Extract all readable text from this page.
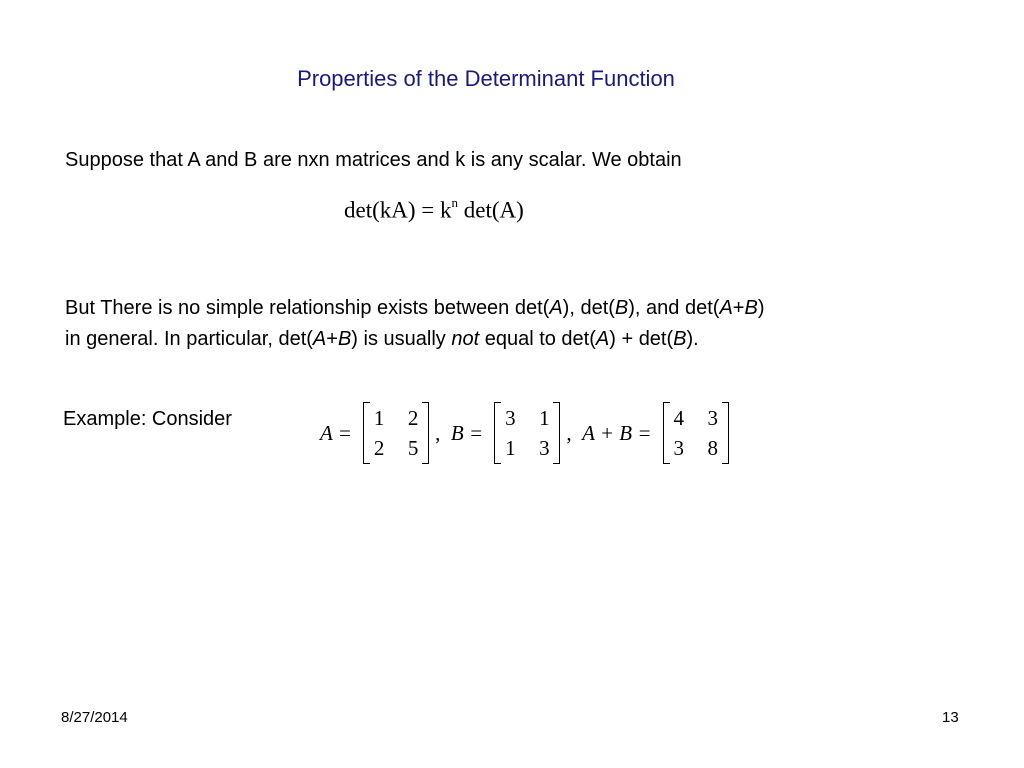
Properties of the Determinant Function
Suppose that A and B are nxn matrices and k is any scalar. We obtain
$\det(kA) = k^n$ det(A)
But There is no simple relationship exists between det(A), det(B), and det(A+B)
in general. In particular, det(A+B) is usually not equal to det(A) + det(B).
Example: Consider
A =
1 2
2 5
, B =
3 1
1 3
, A + B =
4 3
3 8
8/27/2014	13
